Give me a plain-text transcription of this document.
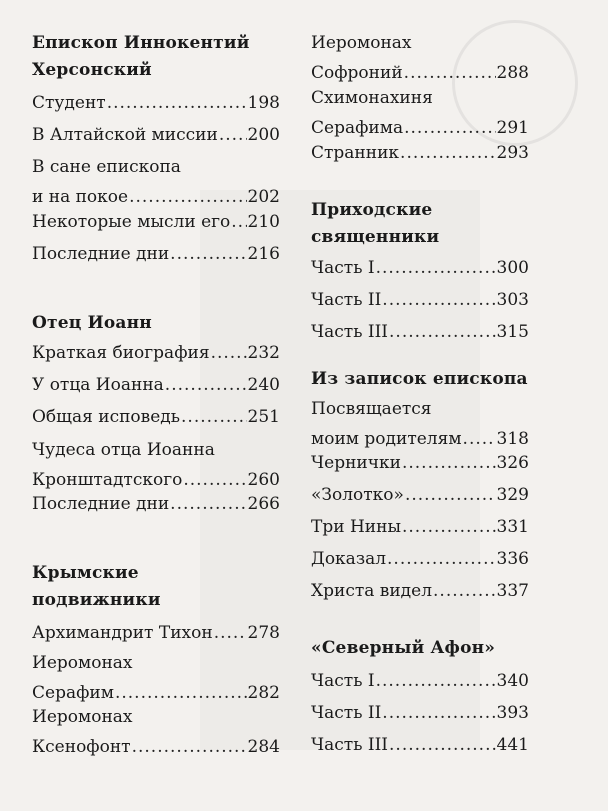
Епископ Иннокентий
Херсонский
Студент .....	198
В Алтайской миссии ..... 200
В сане епископа
и на покое .....	202
Некоторые мысли его ..... 210
Последние дни .....	216
Отец Иоанн
Краткая биография ..... 232
У отца Иоанна .....	240
Общая исповедь .....	251
Чудеса отца Иоанна
Кронштадтского .....	260
Последние дни .....	266
Крымские
подвижники
Архимандрит Тихон ..... 278
Иеромонах
Серафим .....	282
Иеромонах
Ксенофонт .....	284
Иеромонах
Софроний .....	288
Схимонахиня
Серафима .....	291
Странник .....	293
Приходские
священники
Часть I .....	300
Часть II .....	303
Часть III .....	315
Из записок епископа
Посвящается
моим родителям ..... 318
Чернички .....	326
«Золотко» .....	329
Три Нины .....	331
Доказал .....	336
Христа видел .....	337
«Северный Афон»
Часть I .....	340
Часть II .....	393
Часть III .....	441
